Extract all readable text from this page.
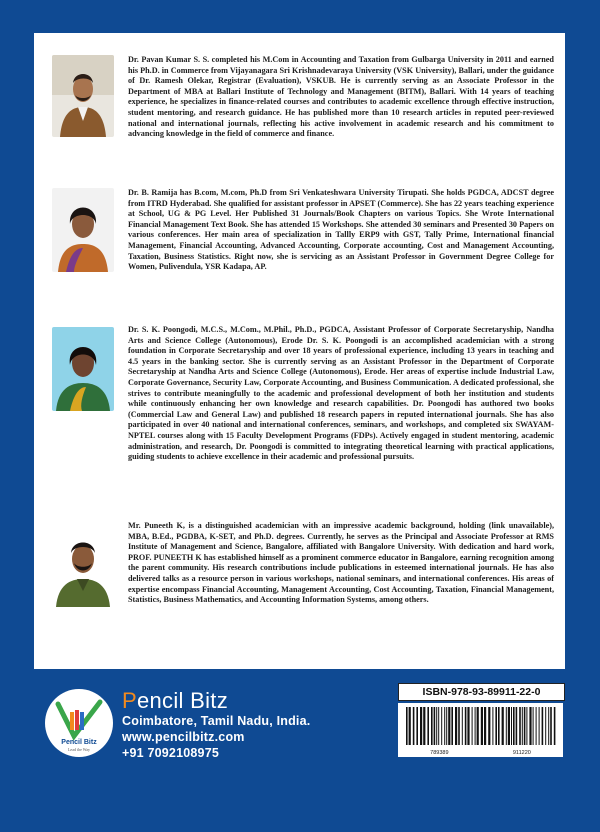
Dr. Pavan Kumar S. S. completed his M.Com in Accounting and Taxation from Gulbarga University in 2011 and earned his Ph.D. in Commerce from Vijayanagara Sri Krishnadevaraya University (VSK University), Ballari, under the guidance of Dr. Ramesh Olekar, Registrar (Evaluation), VSKUB. He is currently serving as an Associate Professor in the Department of MBA at Ballari Institute of Technology and Management (BITM), Ballari. With 14 years of teaching experience, he specializes in finance-related courses and contributes to academic excellence through effective instruction, student mentoring, and research guidance. He has published more than 10 research articles in reputed peer-reviewed national and international journals, reflecting his active involvement in academic research and his commitment to advancing knowledge in the field of commerce and finance.

Dr. B. Ramija has B.com, M.com, Ph.D from Sri Venkateshwara University Tirupati. She holds PGDCA, ADCST degree from ITRD Hyderabad. She qualified for assistant professor in APSET (Commerce). She has 22 years teaching experience at School, UG & PG Level. Her Published 31 Journals/Book Chapters on various Topics. She Wrote International Financial Management Text Book. She has attended 15 Workshops. She attended 30 seminars and Presented 30 Papers on various conferences. Her main area of specialization in Tallly ERP9 with GST, Tally Prime, International financial Management, Financial Accounting, Advanced Accounting, Corporate accounting, Cost and Management Accounting, Taxation, Business Statistics. Right now, she is servicing as an Assistant Professor in Government Degree College for Women, Pulivendula, YSR Kadapa, AP.

Dr. S. K. Poongodi, M.C.S., M.Com., M.Phil., Ph.D., PGDCA, Assistant Professor of Corporate Secretaryship, Nandha Arts and Science College (Autonomous), Erode Dr. S. K. Poongodi is an accomplished academician with a strong foundation in Corporate Secretaryship and over 18 years of professional experience, including 13 years in teaching and 4.5 years in the banking sector. She is currently serving as an Assistant Professor in the Department of Corporate Secretaryship at Nandha Arts and Science College (Autonomous), Erode. Her areas of expertise include Industrial Law, Corporate Governance, Security Law, Corporate Accounting, and Business Communication. A dedicated professional, she strives to contribute meaningfully to the academic and professional development of both her institution and students while continuously enhancing her own knowledge and research capabilities. Dr. Poongodi has authored two books (Commercial Law and General Law) and published 18 research papers in reputed international journals. She has also participated in over 40 national and international conferences, seminars, and workshops, and completed six SWAYAM-NPTEL courses along with 15 Faculty Development Programs (FDPs). Actively engaged in student mentoring, academic administration, and research, Dr. Poongodi is committed to integrating theoretical learning with practical applications, guiding students to achieve excellence in their academic and professional pursuits.

Mr. Puneeth K, is a distinguished academician with an impressive academic background, holding (link unavailable), MBA, B.Ed., PGDBA, K-SET, and Ph.D. degrees. Currently, he serves as the Principal and Associate Professor at RMS Institute of Management and Science, Bangalore, affiliated with Bangalore University. With dedication and hard work, PROF. PUNEETH K has established himself as a prominent commerce educator in Bangalore, earning recognition among the parent community. His research contributions include publications in esteemed international journals. He has also delivered talks as a resource person in various workshops, national seminars, and international conferences. His areas of expertise encompass Financial Accounting, Management Accounting, Cost Accounting, Taxation, Financial Management, Statistics, Business Mathematics, and Accounting Information Systems, among others.

Pencil Bitz
Lead the Way

Pencil Bitz

Coimbatore, Tamil Nadu, India.

www.pencilbitz.com

+91 7092108975

ISBN-978-93-89911-22-0
789389	911220
